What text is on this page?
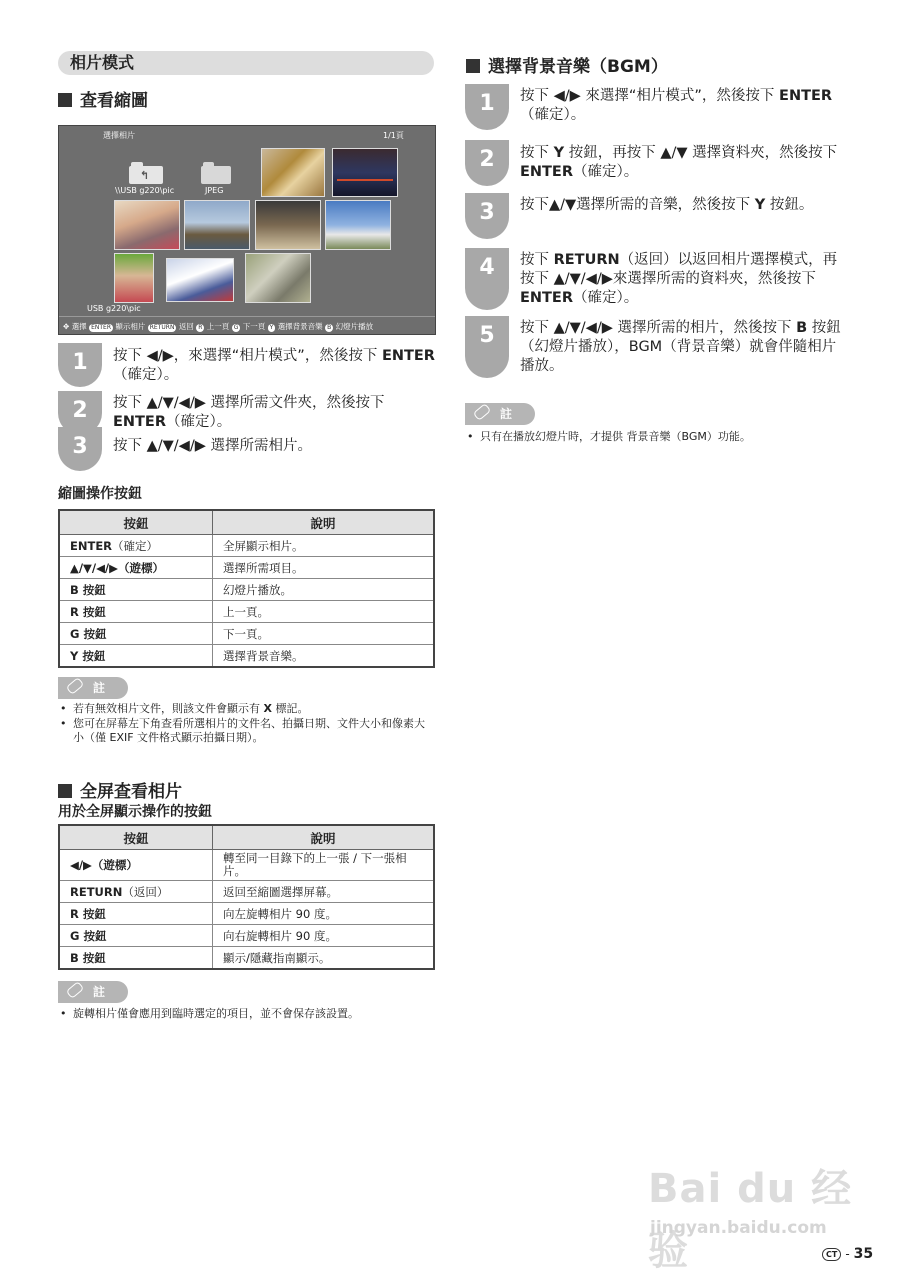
相片模式
查看縮圖
選擇相片	1/1頁
↰
\\USB g220\pic	JPEG
USB g220\pic
✥ 選擇 ENTER 顯示相片 RETURN 返回 R 上一頁 G 下一頁 Y 選擇背景音樂 B 幻燈片播放
1	按下 ◀/▶，來選擇“相片模式”，然後按下 ENTER（確定）。
2	按下 ▲/▼/◀/▶ 選擇所需文件夾，然後按下 ENTER（確定）。
3	按下 ▲/▼/◀/▶ 選擇所需相片。
縮圖操作按鈕
按鈕	說明
ENTER（確定）	全屏顯示相片。
▲/▼/◀/▶（遊標）	選擇所需項目。
B 按鈕	幻燈片播放。
R 按鈕	上一頁。
G 按鈕	下一頁。
Y 按鈕	選擇背景音樂。
註
• 若有無效相片文件，則該文件會顯示有 X 標記。
• 您可在屏幕左下角查看所選相片的文件名、拍攝日期、文件大小和像素大小（僅 EXIF 文件格式顯示拍攝日期）。
全屏查看相片
用於全屏顯示操作的按鈕
按鈕	說明
◀/▶（遊標）	轉至同一目錄下的上一張 / 下一張相片。
RETURN（返回）	返回至縮圖選擇屏幕。
R 按鈕	向左旋轉相片 90 度。
G 按鈕	向右旋轉相片 90 度。
B 按鈕	顯示/隱藏指南顯示。
註
• 旋轉相片僅會應用到臨時選定的項目，並不會保存該設置。
選擇背景音樂（BGM）
1	按下 ◀/▶ 來選擇“相片模式”，然後按下 ENTER（確定）。
2	按下 Y 按鈕，再按下 ▲/▼ 選擇資料夾，然後按下 ENTER（確定）。
3	按下▲/▼選擇所需的音樂，然後按下 Y 按鈕。
4	按下 RETURN（返回）以返回相片選擇模式，再按下 ▲/▼/◀/▶來選擇所需的資料夾，然後按下 ENTER（確定）。
5	按下 ▲/▼/◀/▶ 選擇所需的相片，然後按下 B 按鈕（幻燈片播放），BGM（背景音樂）就會伴隨相片播放。
註
• 只有在播放幻燈片時，才提供 背景音樂（BGM）功能。
Bai du 经验
jingyan.baidu.com
CT - 35
